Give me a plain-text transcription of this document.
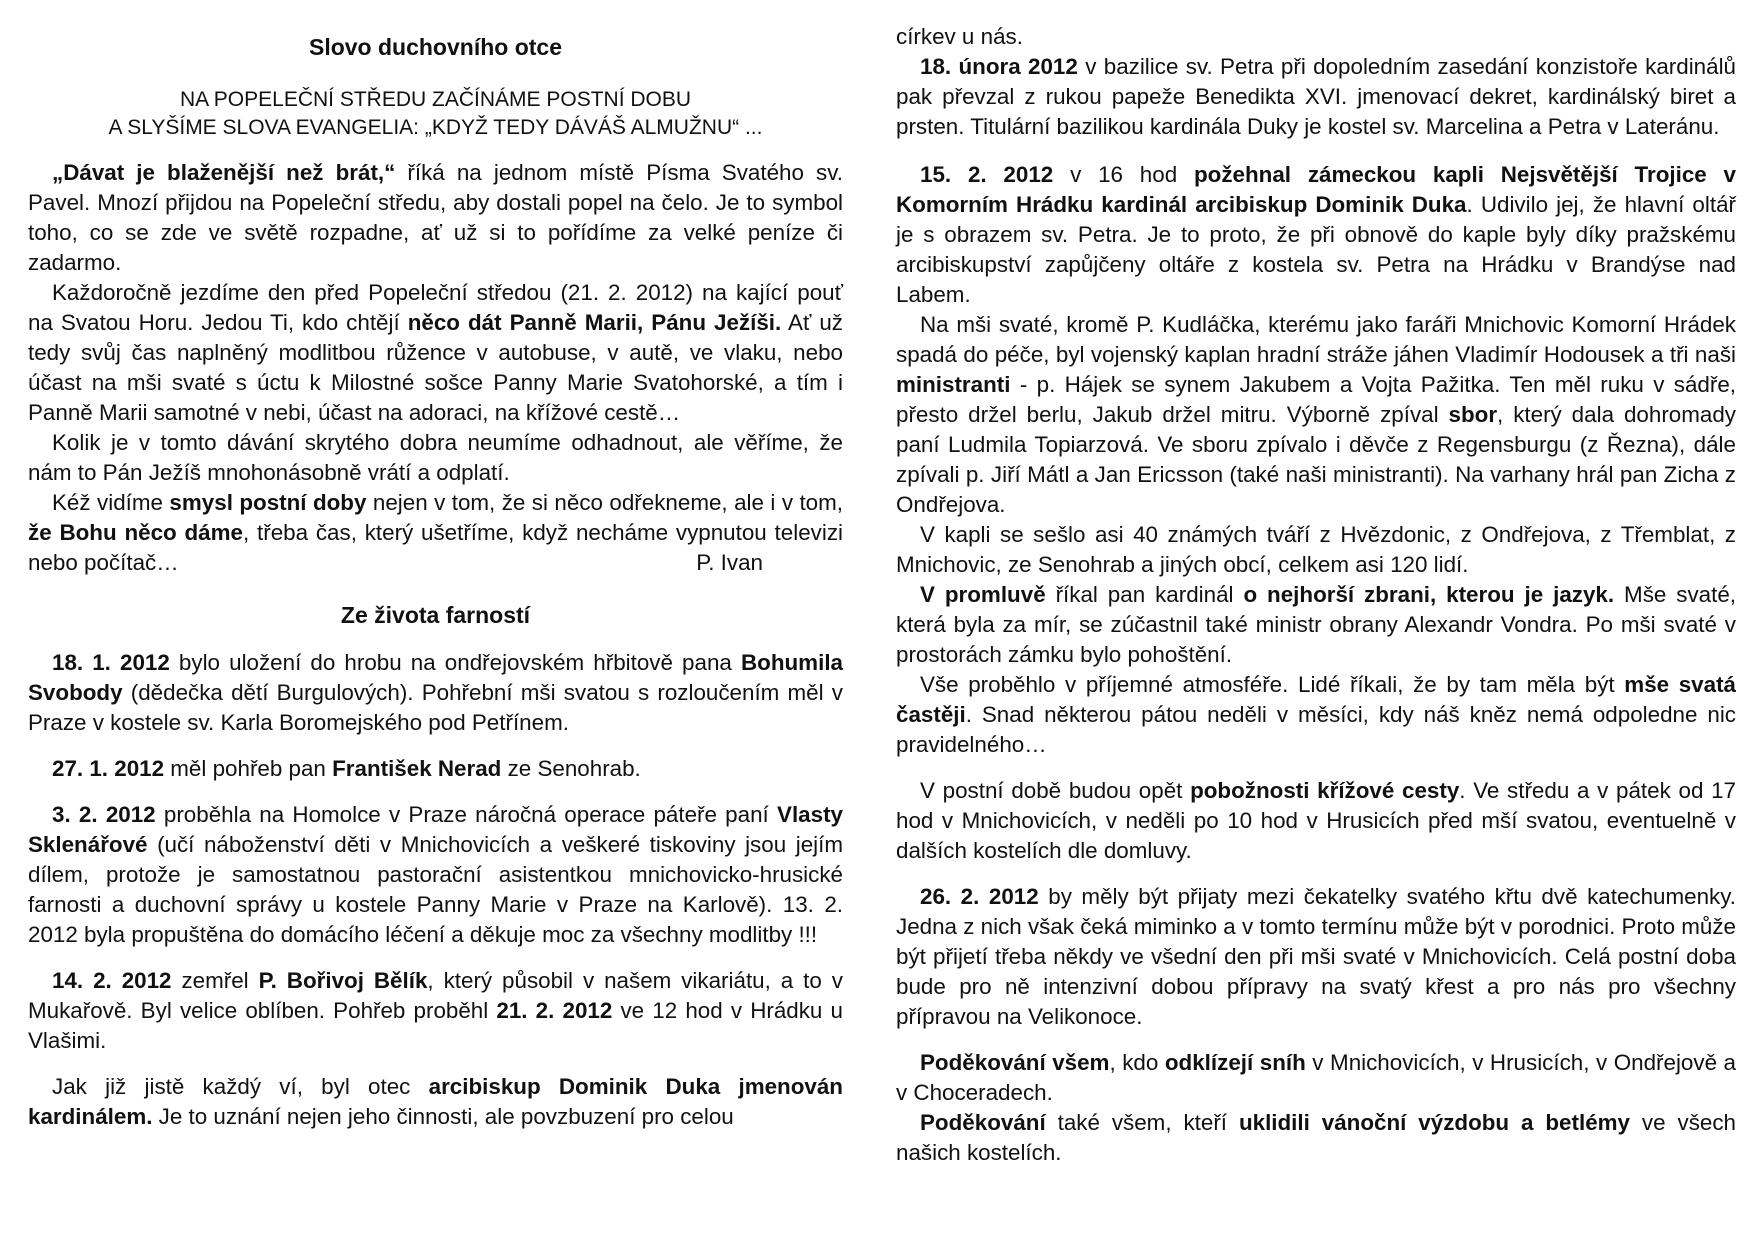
Slovo duchovního otce

NA POPELEČNÍ STŘEDU ZAČÍNÁME POSTNÍ DOBU

A SLYŠÍME SLOVA EVANGELIA: „KDYŽ TEDY DÁVÁŠ ALMUŽNU“ ...

„Dávat je blaženější než brát,“ říká na jednom místě Písma Svatého sv. Pavel. Mnozí přijdou na Popeleční středu, aby dostali popel na čelo. Je to symbol toho, co se zde ve světě rozpadne, ať už si to pořídíme za velké peníze či zadarmo.

Každoročně jezdíme den před Popeleční středou (21. 2. 2012) na kající pouť na Svatou Horu. Jedou Ti, kdo chtějí něco dát Panně Marii, Pánu Ježíši. Ať už tedy svůj čas naplněný modlitbou růžence v autobuse, v autě, ve vlaku, nebo účast na mši svaté s úctu k Milostné sošce Panny Marie Svatohorské, a tím i Panně Marii samotné v nebi, účast na adoraci, na křížové cestě…

Kolik je v tomto dávání skrytého dobra neumíme odhadnout, ale věříme, že nám to Pán Ježíš mnohonásobně vrátí a odplatí.

Kéž vidíme smysl postní doby nejen v tom, že si něco odřekneme, ale i v tom, že Bohu něco dáme, třeba čas, který ušetříme, když necháme vypnutou televizi nebo počítač…	P. Ivan

Ze života farností

18. 1. 2012 bylo uložení do hrobu na ondřejovském hřbitově pana Bohumila Svobody (dědečka dětí Burgulových). Pohřební mši svatou s rozloučením měl v Praze v kostele sv. Karla Boromejského pod Petřínem.

27. 1. 2012 měl pohřeb pan František Nerad ze Senohrab.

3. 2. 2012 proběhla na Homolce v Praze náročná operace páteře paní Vlasty Sklenářové (učí náboženství děti v Mnichovicích a veškeré tiskoviny jsou jejím dílem, protože je samostatnou pastorační asistentkou mnichovicko-hrusické farnosti a duchovní správy u kostele Panny Marie v Praze na Karlově). 13. 2. 2012 byla propuštěna do domácího léčení a děkuje moc za všechny modlitby !!!

14. 2. 2012 zemřel P. Bořivoj Bělík, který působil v našem vikariátu, a to v Mukařově. Byl velice oblíben. Pohřeb proběhl 21. 2. 2012 ve 12 hod v Hrádku u Vlašimi.

Jak již jistě každý ví, byl otec arcibiskup Dominik Duka jmenován kardinálem. Je to uznání nejen jeho činnosti, ale povzbuzení pro celou

církev u nás.

18. února 2012 v bazilice sv. Petra při dopoledním zasedání konzistoře kardinálů pak převzal z rukou papeže Benedikta XVI. jmenovací dekret, kardinálský biret a prsten. Titulární bazilikou kardinála Duky je kostel sv. Marcelina a Petra v Lateránu.

15. 2. 2012 v 16 hod požehnal zámeckou kapli Nejsvětější Trojice v Komorním Hrádku kardinál arcibiskup Dominik Duka. Udivilo jej, že hlavní oltář je s obrazem sv. Petra. Je to proto, že při obnově do kaple byly díky pražskému arcibiskupství zapůjčeny oltáře z kostela sv. Petra na Hrádku v Brandýse nad Labem.

Na mši svaté, kromě P. Kudláčka, kterému jako faráři Mnichovic Komorní Hrádek spadá do péče, byl vojenský kaplan hradní stráže jáhen Vladimír Hodousek a tři naši ministranti - p. Hájek se synem Jakubem a Vojta Pažitka. Ten měl ruku v sádře, přesto držel berlu, Jakub držel mitru. Výborně zpíval sbor, který dala dohromady paní Ludmila Topiarzová. Ve sboru zpívalo i děvče z Regensburgu (z Řezna), dále zpívali p. Jiří Mátl a Jan Ericsson (také naši ministranti). Na varhany hrál pan Zicha z Ondřejova.

V kapli se sešlo asi 40 známých tváří z Hvězdonic, z Ondřejova, z Třemblat, z Mnichovic, ze Senohrab a jiných obcí, celkem asi 120 lidí.

V promluvě říkal pan kardinál o nejhorší zbrani, kterou je jazyk. Mše svaté, která byla za mír, se zúčastnil také ministr obrany Alexandr Vondra. Po mši svaté v prostorách zámku bylo pohoštění.

Vše proběhlo v příjemné atmosféře. Lidé říkali, že by tam měla být mše svatá častěji. Snad některou pátou neděli v měsíci, kdy náš kněz nemá odpoledne nic pravidelného…

V postní době budou opět pobožnosti křížové cesty. Ve středu a v pátek od 17 hod v Mnichovicích, v neděli po 10 hod v Hrusicích před mší svatou, eventuelně v dalších kostelích dle domluvy.

26. 2. 2012 by měly být přijaty mezi čekatelky svatého křtu dvě katechumenky. Jedna z nich však čeká miminko a v tomto termínu může být v porodnici. Proto může být přijetí třeba někdy ve všední den při mši svaté v Mnichovicích. Celá postní doba bude pro ně intenzivní dobou přípravy na svatý křest a pro nás pro všechny přípravou na Velikonoce.

Poděkování všem, kdo odklízejí sníh v Mnichovicích, v Hrusicích, v Ondřejově a v Choceradech.

Poděkování také všem, kteří uklidili vánoční výzdobu a betlémy ve všech našich kostelích.
